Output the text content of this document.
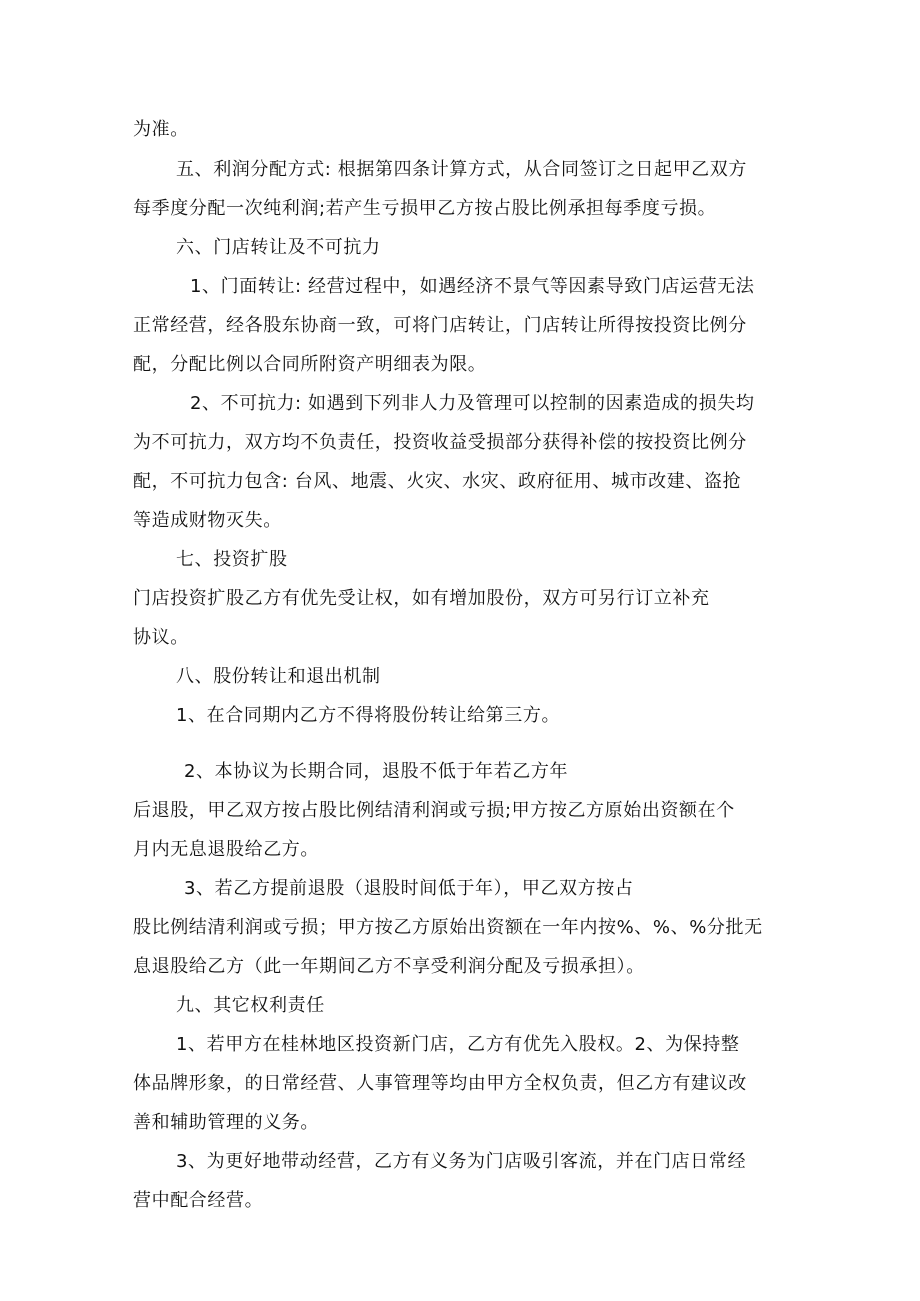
为准。

五、利润分配方式: 根据第四条计算方式，从合同签订之日起甲乙双方

每季度分配一次纯利润;若产生亏损甲乙方按占股比例承担每季度亏损。

六、门店转让及不可抗力

1、门面转让: 经营过程中，如遇经济不景气等因素导致门店运营无法

正常经营，经各股东协商一致，可将门店转让，门店转让所得按投资比例分

配，分配比例以合同所附资产明细表为限。

2、不可抗力: 如遇到下列非人力及管理可以控制的因素造成的损失均

为不可抗力，双方均不负责任，投资收益受损部分获得补偿的按投资比例分

配，不可抗力包含: 台风、地震、火灾、水灾、政府征用、城市改建、盗抢

等造成财物灭失。

七、投资扩股

门店投资扩股乙方有优先受让权，如有增加股份，双方可另行订立补充

协议。

八、股份转让和退出机制

1、在合同期内乙方不得将股份转让给第三方。

2、本协议为长期合同，退股不低于年若乙方年

后退股，甲乙双方按占股比例结清利润或亏损;甲方按乙方原始出资额在个

月内无息退股给乙方。

3、若乙方提前退股（退股时间低于年），甲乙双方按占

股比例结清利润或亏损；甲方按乙方原始出资额在一年内按%、%、%分批无

息退股给乙方（此一年期间乙方不享受利润分配及亏损承担）。

九、其它权利责任

1、若甲方在桂林地区投资新门店，乙方有优先入股权。2、为保持整

体品牌形象，的日常经营、人事管理等均由甲方全权负责，但乙方有建议改

善和辅助管理的义务。

3、为更好地带动经营，乙方有义务为门店吸引客流，并在门店日常经

营中配合经营。
